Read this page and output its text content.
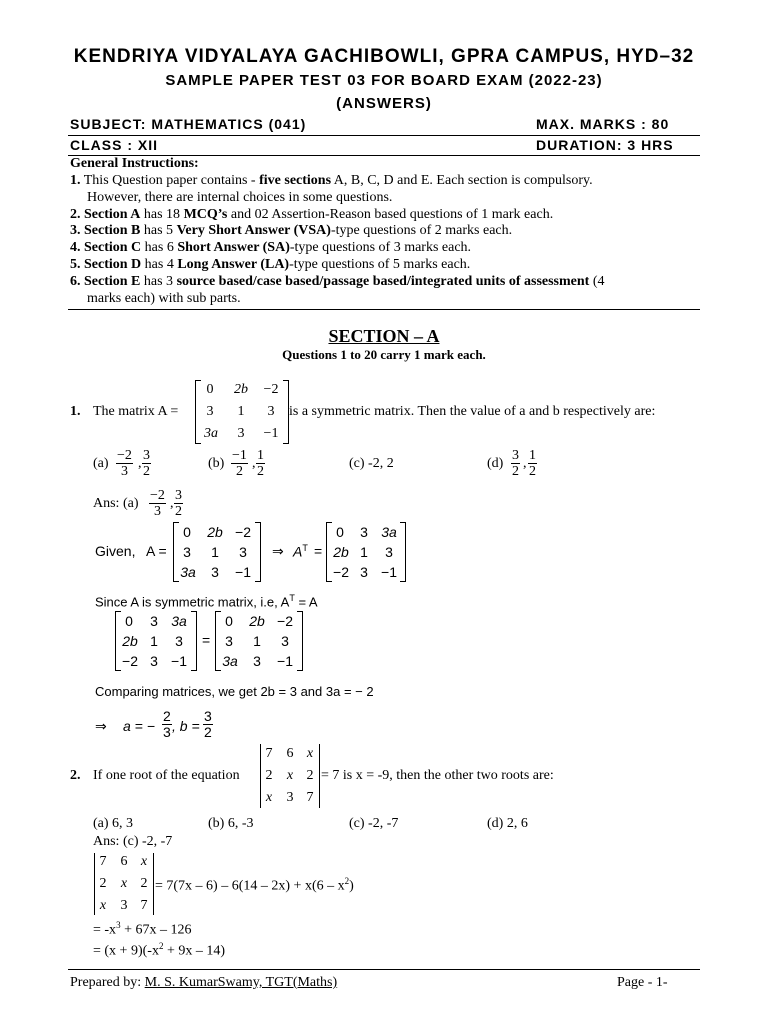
KENDRIYA VIDYALAYA GACHIBOWLI, GPRA CAMPUS, HYD–32
SAMPLE PAPER TEST 03 FOR BOARD EXAM (2022-23)
(ANSWERS)
SUBJECT: MATHEMATICS (041)	MAX. MARKS : 80
CLASS : XII	DURATION: 3 HRS
General Instructions:
1. This Question paper contains - five sections A, B, C, D and E. Each section is compulsory.
However, there are internal choices in some questions.
2. Section A has 18 MCQ’s and 02 Assertion-Reason based questions of 1 mark each.
3. Section B has 5 Very Short Answer (VSA)-type questions of 2 marks each.
4. Section C has 6 Short Answer (SA)-type questions of 3 marks each.
5. Section D has 4 Long Answer (LA)-type questions of 5 marks each.
6. Section E has 3 source based/case based/passage based/integrated units of assessment (4
marks each) with sub parts.
SECTION – A
Questions 1 to 20 carry 1 mark each.
1. The matrix A =
0	2b	−2
3	1	3
3a	3	−1
is a symmetric matrix. Then the value of a and b respectively are:
$(a) \frac{-2}{3}$ , $\frac{3}{2}$	$(b) \frac{-1}{2}$ , $\frac{1}{2}$	(c) -2, 2	$(d) \frac{3}{2}$ , $\frac{1}{2}$
Ans: $(a) \frac{-2}{3}$ , $\frac{3}{2}$
Given, A =
0	2b −2
3	1	3
3a	3	−1
⇒ $A^T$ =
0	3 3a
2b 1	3
−2 3 −1
Since A is symmetric matrix, i.e, $A^T = A$
0	3 3a
2b 1	3
−2 3 −1
=
0	2b −2
3	1	3
3a	3	−1
Comparing matrices, we get 2b = 3 and 3a = − 2
⇒ a = − $\frac{2}{3}$ , $b = \frac{3}{2}$
2. If one root of the equation
7 6 x
2 x 2
x 3 7
= 7 is x = -9, then the other two roots are:
(a) 6, 3	(b) 6, -3	(c) -2, -7	(d) 2, 6
Ans: (c) -2, -7
7 6 x
2 x 2
x 3 7
= $7(7x - 6) - 6(14 - 2x) + x(6 - x^2)$
= $-x^3 + 67x - 126$
= $(x + 9)(-x^2 + 9x - 14)$
Prepared by: M. S. KumarSwamy, TGT(Maths)	Page - 1-
